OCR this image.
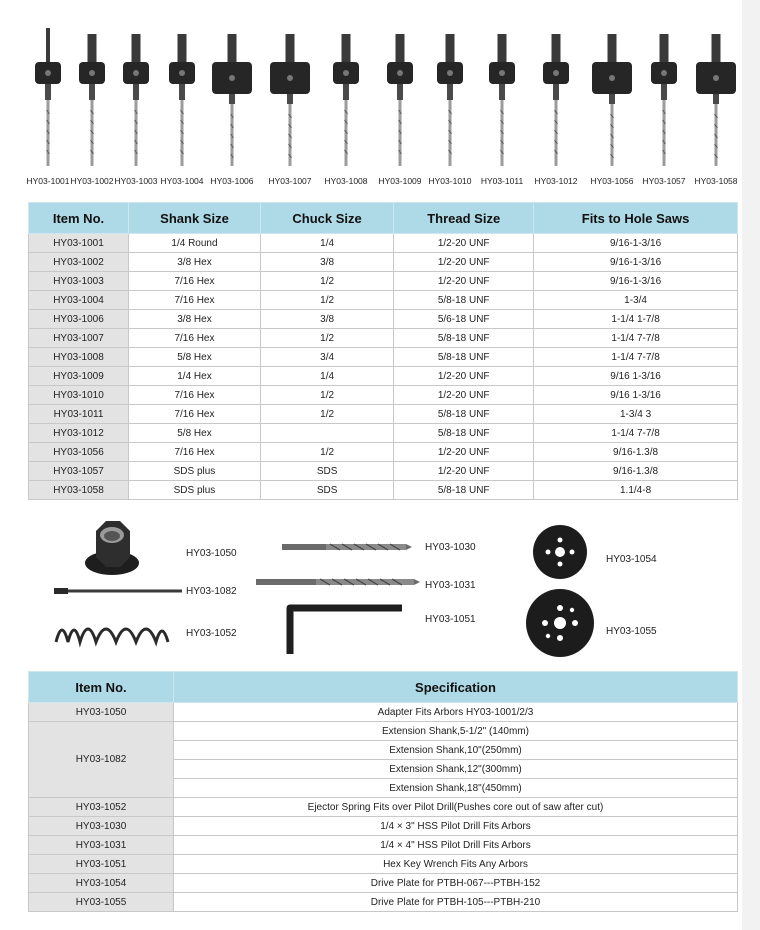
HY03-1001 HY03-1002 HY03-1003 HY03-1004 HY03-1006 HY03-1007 HY03-1008 HY03-1009 HY03-1010 HY03-1011 HY03-1012 HY03-1056 HY03-1057 HY03-1058
Item No.	Shank Size	Chuck Size	Thread Size	Fits to Hole Saws
HY03-1001	1/4 Round	1/4	1/2-20 UNF	9/16-1-3/16
HY03-1002	3/8 Hex	3/8	1/2-20 UNF	9/16-1-3/16
HY03-1003	7/16 Hex	1/2	1/2-20 UNF	9/16-1-3/16
HY03-1004	7/16 Hex	1/2	5/8-18 UNF	1-3/4
HY03-1006	3/8 Hex	3/8	5/6-18 UNF	1-1/4 1-7/8
HY03-1007	7/16 Hex	1/2	5/8-18 UNF	1-1/4 7-7/8
HY03-1008	5/8 Hex	3/4	5/8-18 UNF	1-1/4 7-7/8
HY03-1009	1/4 Hex	1/4	1/2-20 UNF	9/16 1-3/16
HY03-1010	7/16 Hex	1/2	1/2-20 UNF	9/16 1-3/16
HY03-1011	7/16 Hex	1/2	5/8-18 UNF	1-3/4 3
HY03-1012	5/8 Hex		5/8-18 UNF	1-1/4 7-7/8
HY03-1056	7/16 Hex	1/2	1/2-20 UNF	9/16-1.3/8
HY03-1057	SDS plus	SDS	1/2-20 UNF	9/16-1.3/8
HY03-1058	SDS plus	SDS	5/8-18 UNF	1.1/4-8
HY03-1050
HY03-1082
HY03-1052
HY03-1030
HY03-1031
HY03-1051
HY03-1054
HY03-1055
Item No.	Specification
HY03-1050	Adapter Fits Arbors HY03-1001/2/3
HY03-1082	Extension Shank,5-1/2" (140mm)
	Extension Shank,10"(250mm)
	Extension Shank,12"(300mm)
	Extension Shank,18"(450mm)
HY03-1052	Ejector Spring Fits over Pilot Drill(Pushes core out of saw after cut)
HY03-1030	1/4 × 3" HSS Pilot Drill Fits Arbors
HY03-1031	1/4 × 4" HSS Pilot Drill Fits Arbors
HY03-1051	Hex Key Wrench Fits Any Arbors
HY03-1054	Drive Plate for PTBH-067---PTBH-152
HY03-1055	Drive Plate for PTBH-105---PTBH-210
